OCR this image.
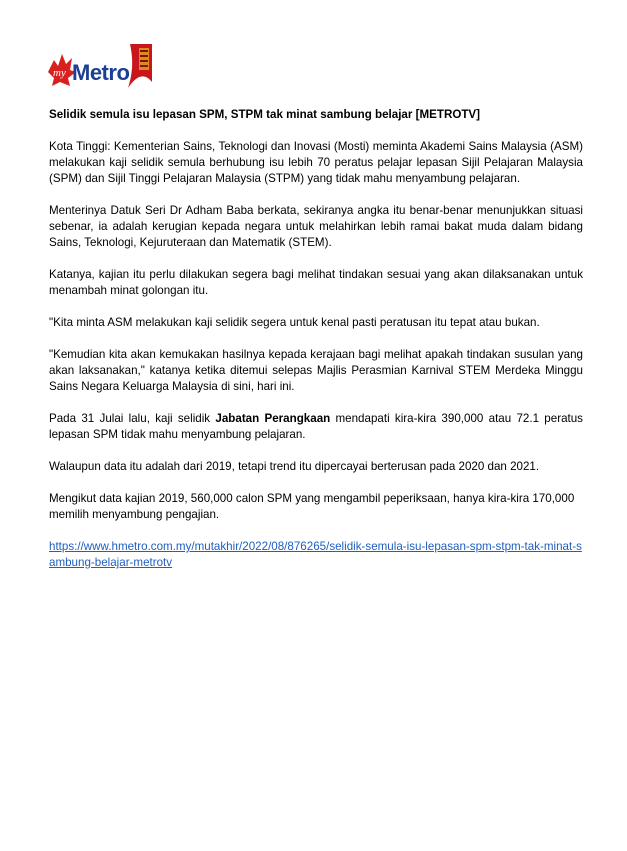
my Metro
Selidik semula isu lepasan SPM, STPM tak minat sambung belajar [METROTV]

Kota Tinggi: Kementerian Sains, Teknologi dan Inovasi (Mosti) meminta Akademi Sains Malaysia (ASM) melakukan kaji selidik semula berhubung isu lebih 70 peratus pelajar lepasan Sijil Pelajaran Malaysia (SPM) dan Sijil Tinggi Pelajaran Malaysia (STPM) yang tidak mahu menyambung pelajaran.

Menterinya Datuk Seri Dr Adham Baba berkata, sekiranya angka itu benar-benar menunjukkan situasi sebenar, ia adalah kerugian kepada negara untuk melahirkan lebih ramai bakat muda dalam bidang Sains, Teknologi, Kejuruteraan dan Matematik (STEM).

Katanya, kajian itu perlu dilakukan segera bagi melihat tindakan sesuai yang akan dilaksanakan untuk menambah minat golongan itu.

"Kita minta ASM melakukan kaji selidik segera untuk kenal pasti peratusan itu tepat atau bukan.

"Kemudian kita akan kemukakan hasilnya kepada kerajaan bagi melihat apakah tindakan susulan yang akan laksanakan," katanya ketika ditemui selepas Majlis Perasmian Karnival STEM Merdeka Minggu Sains Negara Keluarga Malaysia di sini, hari ini.

Pada 31 Julai lalu, kaji selidik Jabatan Perangkaan mendapati kira-kira 390,000 atau 72.1 peratus lepasan SPM tidak mahu menyambung pelajaran.

Walaupun data itu adalah dari 2019, tetapi trend itu dipercayai berterusan pada 2020 dan 2021.

Mengikut data kajian 2019, 560,000 calon SPM yang mengambil peperiksaan, hanya kira-kira 170,000 memilih menyambung pengajian.

https://www.hmetro.com.my/mutakhir/2022/08/876265/selidik-semula-isu-lepasan-spm-stpm-tak-minat-sambung-belajar-metrotv
